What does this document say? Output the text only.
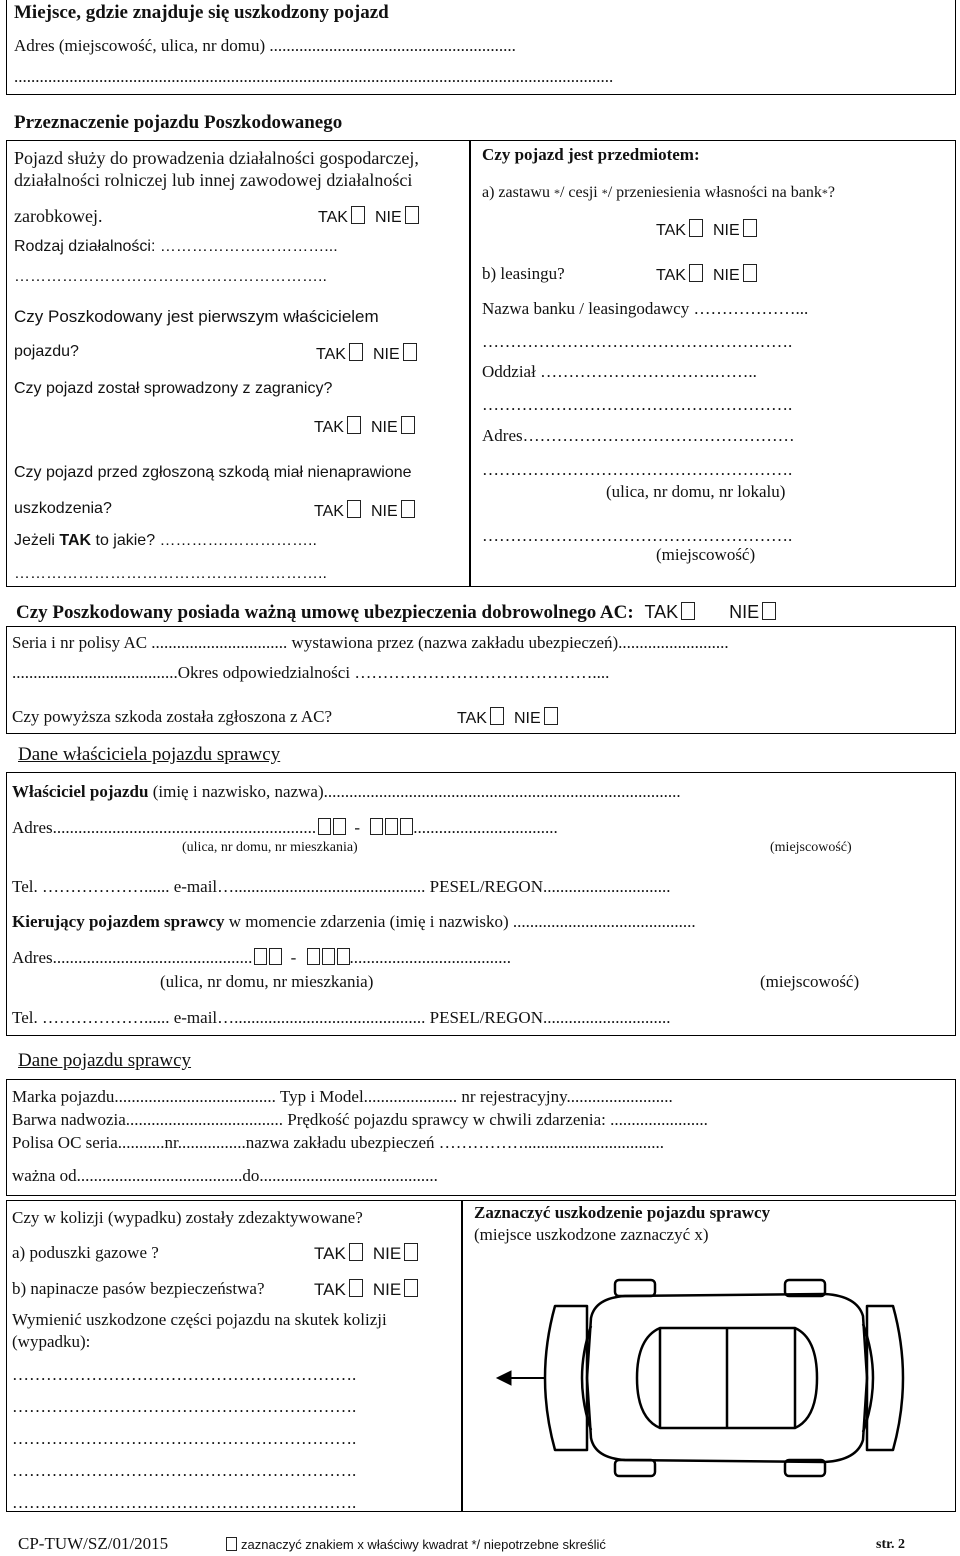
Miejsce, gdzie znajduje się uszkodzony pojazd
Adres (miejscowość, ulica, nr domu) ..........................................................
.............................................................................................................................................
Przeznaczenie pojazdu Poszkodowanego
Pojazd służy do prowadzenia działalności gospodarczej,
działalności rolniczej lub innej zawodowej działalności
zarobkowej.	TAK NIE
Rodzaj działalności: ……………….…………...
…………………………………………………..
Czy Poszkodowany jest pierwszym właścicielem
pojazdu?	TAK NIE
Czy pojazd został sprowadzony z zagranicy?
TAK NIE
Czy pojazd przed zgłoszoną szkodą miał nienaprawione
uszkodzenia?	TAK NIE
Jeżeli TAK to jakie? ………….……………..
…………………………………………………..
Czy pojazd jest przedmiotem:
a) zastawu */ cesji */ przeniesienia własności na bank*?
TAK NIE
b) leasingu?	TAK NIE
Nazwa banku / leasingodawcy ………………...
……………………………………………….
Oddział ………………………….……..
……………………………………………….
Adres…………………………………………
……………………………………………….
(ulica, nr domu, nr lokalu)
……………………………………………….
(miejscowość)
Czy Poszkodowany posiada ważną umowę ubezpieczenia dobrowolnego AC: TAK	NIE
Seria i nr polisy AC ................................ wystawiona przez (nazwa zakładu ubezpieczeń)..........................
.......................................Okres odpowiedzialności ……………………………………....
Czy powyższa szkoda została zgłoszona z AC?	TAK NIE
Dane właściciela pojazdu sprawcy
Właściciel pojazdu (imię i nazwisko, nazwa)....................................................................................
Adres.............................................................. -	..................................
(ulica, nr domu, nr mieszkania)	(miejscowość)
Tel. ………………...... e-mail…............................................. PESEL/REGON..............................
Kierujący pojazdem sprawcy w momencie zdarzenia (imię i nazwisko) ...........................................
Adres............................................... -	......................................
(ulica, nr domu, nr mieszkania)	(miejscowość)
Tel. ………………...... e-mail…............................................. PESEL/REGON..............................
Dane pojazdu sprawcy
Marka pojazdu...................................... Typ i Model...................... nr rejestracyjny.........................
Barwa nadwozia..................................... Prędkość pojazdu sprawcy w chwili zdarzenia: .......................
Polisa OC seria...........nr................nazwa zakładu ubezpieczeń …………….................................
ważna od.......................................do..........................................
Czy w kolizji (wypadku) zostały zdezaktywowane?
a) poduszki gazowe ?	TAK NIE
b) napinacze pasów bezpieczeństwa?	TAK NIE
Wymienić uszkodzone części pojazdu na skutek kolizji
(wypadku):
…………………………………………………….
…………………………………………………….
…………………………………………………….
…………………………………………………….
…………………………………………………….
Zaznaczyć uszkodzenie pojazdu sprawcy
(miejsce uszkodzone zaznaczyć x)
CP-TUW/SZ/01/2015	zaznaczyć znakiem x właściwy kwadrat */ niepotrzebne skreślić	str. 2
